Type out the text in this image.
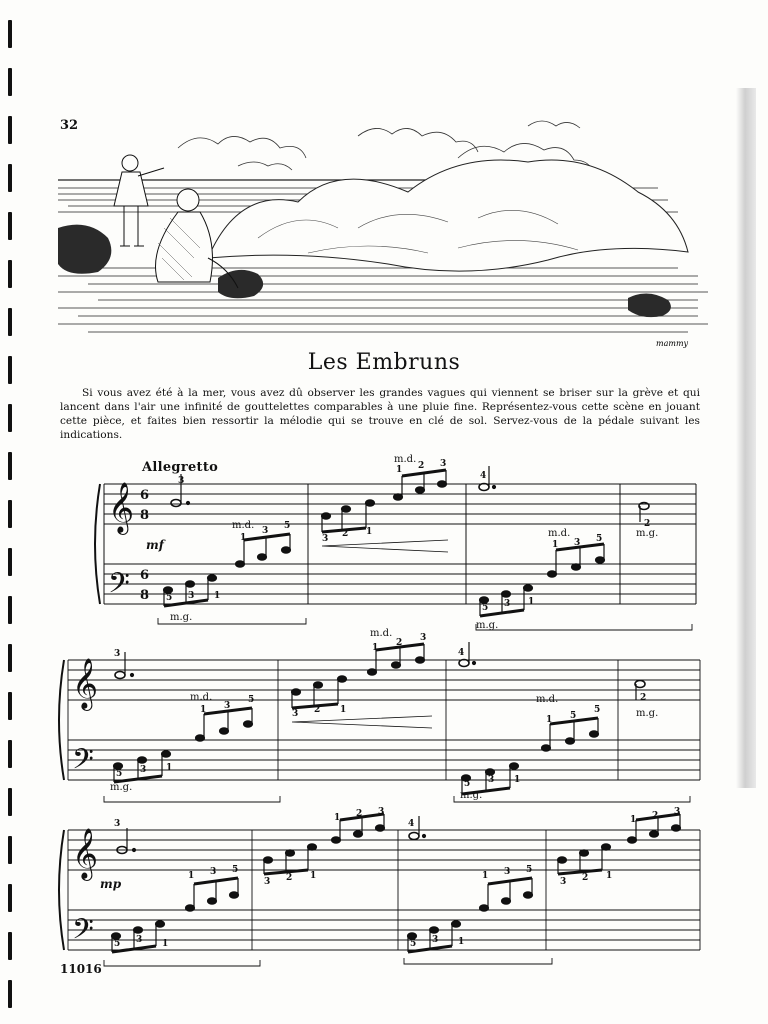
32
mammy
Les Embruns
Si vous avez été à la mer, vous avez dû observer les grandes vagues qui viennent se briser sur la grève et qui lancent dans l'air une infinité de gouttelettes comparables à une pluie fine. Représentez-vous cette scène en jouant cette pièce, et faites bien ressortir la mélodie qui se trouve en clé de sol. Servez-vous de la pédale suivant les indications.
Allegretto
𝄞
𝄢
𝄞
𝄢
𝄞
𝄢
6
8
6
8
mf
mp
m.d.
m.d.
m.d.
m.d.
m.d.
m.d.
m.g.
m.g.
m.g.
m.g.
m.g.
m.g.
3	4
3	4
3	4
1
3 5
1 2 3
3 2 1
5 3 1
1 3 5
5 3 1
2
1 3
5
1 2 3
3 2 1
5 3 1
1 5
5
5 3 1
2
1 3 5
1 2 3
3 2 1
5 3 1
1 3 5
5 3 1
3 2 1
1 2 3
11016
